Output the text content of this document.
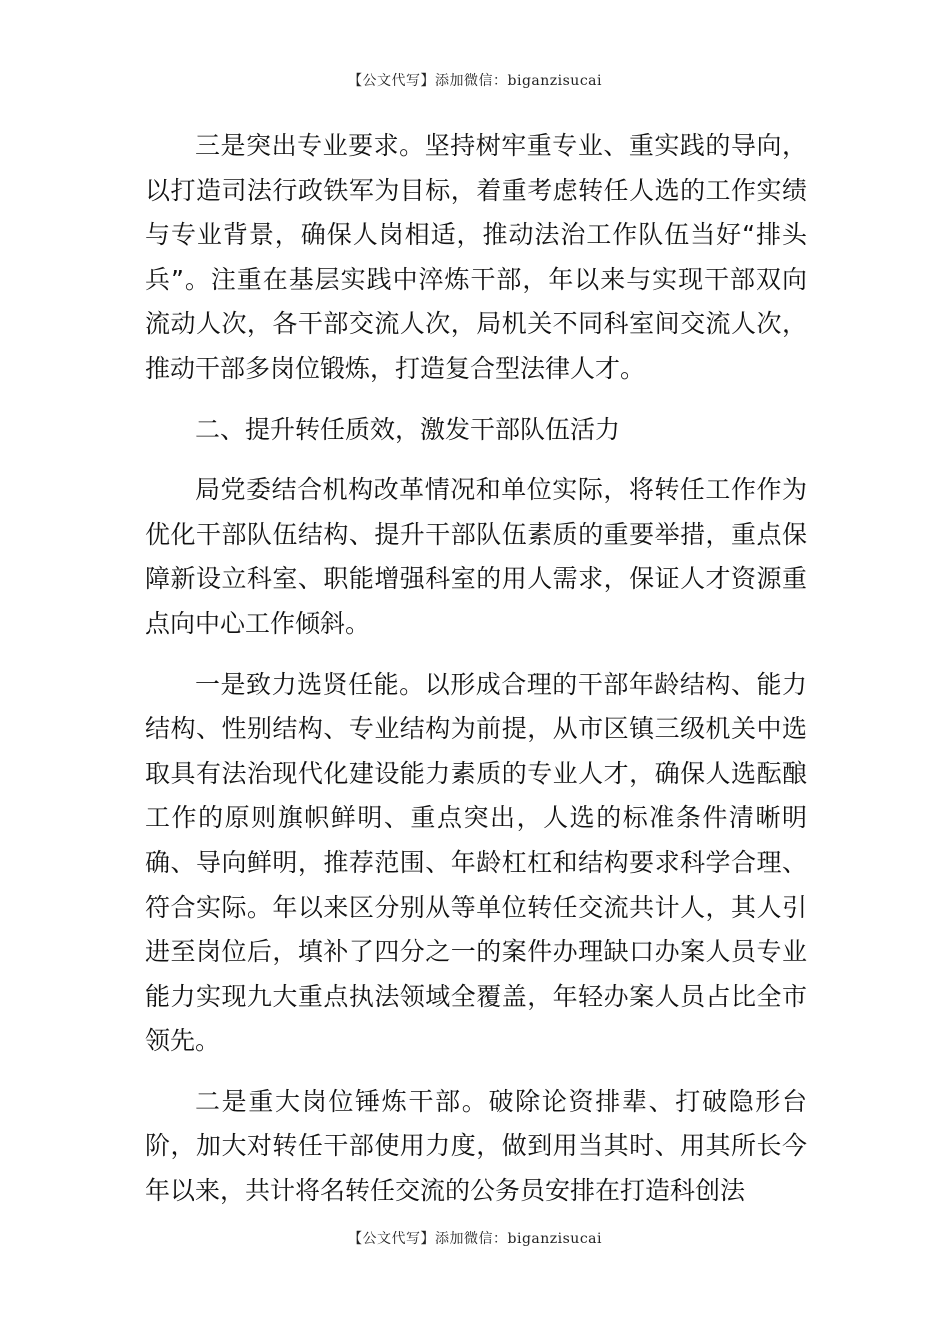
【公文代写】添加微信：biganzisucai

三是突出专业要求。坚持树牢重专业、重实践的导向，以打造司法行政铁军为目标，着重考虑转任人选的工作实绩与专业背景，确保人岗相适，推动法治工作队伍当好“排头兵”。注重在基层实践中淬炼干部，年以来与实现干部双向流动人次，各干部交流人次，局机关不同科室间交流人次，推动干部多岗位锻炼，打造复合型法律人才。

二、提升转任质效，激发干部队伍活力

局党委结合机构改革情况和单位实际，将转任工作作为优化干部队伍结构、提升干部队伍素质的重要举措，重点保障新设立科室、职能增强科室的用人需求，保证人才资源重点向中心工作倾斜。

一是致力选贤任能。以形成合理的干部年龄结构、能力结构、性别结构、专业结构为前提，从市区镇三级机关中选取具有法治现代化建设能力素质的专业人才，确保人选酝酿工作的原则旗帜鲜明、重点突出，人选的标准条件清晰明确、导向鲜明，推荐范围、年龄杠杠和结构要求科学合理、符合实际。年以来区分别从等单位转任交流共计人，其人引进至岗位后，填补了四分之一的案件办理缺口办案人员专业能力实现九大重点执法领域全覆盖，年轻办案人员占比全市领先。

二是重大岗位锤炼干部。破除论资排辈、打破隐形台阶，加大对转任干部使用力度，做到用当其时、用其所长今年以来，共计将名转任交流的公务员安排在打造科创法

【公文代写】添加微信：biganzisucai
